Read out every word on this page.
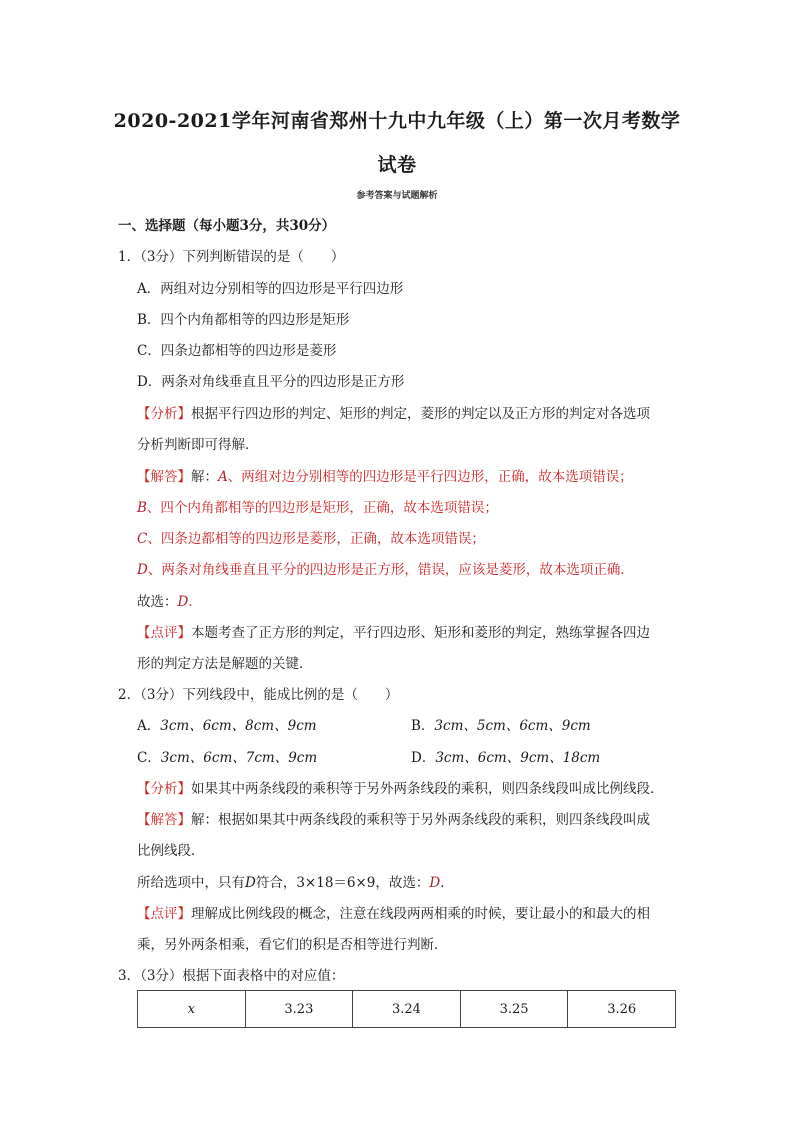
2020-2021学年河南省郑州十九中九年级（上）第一次月考数学
试卷
参考答案与试题解析
一、选择题（每小题3分，共30分）
1．（3分）下列判断错误的是（　　）
A．两组对边分别相等的四边形是平行四边形
B．四个内角都相等的四边形是矩形
C．四条边都相等的四边形是菱形
D．两条对角线垂直且平分的四边形是正方形
【分析】根据平行四边形的判定、矩形的判定，菱形的判定以及正方形的判定对各选项
分析判断即可得解．
【解答】解：A、两组对边分别相等的四边形是平行四边形，正确，故本选项错误；
B、四个内角都相等的四边形是矩形，正确，故本选项错误；
C、四条边都相等的四边形是菱形，正确，故本选项错误；
D、两条对角线垂直且平分的四边形是正方形，错误，应该是菱形，故本选项正确．
故选：D．
【点评】本题考查了正方形的判定，平行四边形、矩形和菱形的判定，熟练掌握各四边
形的判定方法是解题的关键．
2．（3分）下列线段中，能成比例的是（　　）
A．3cm、6cm、8cm、9cm	B．3cm、5cm、6cm、9cm
C．3cm、6cm、7cm、9cm	D．3cm、6cm、9cm、18cm
【分析】如果其中两条线段的乘积等于另外两条线段的乘积，则四条线段叫成比例线段．
【解答】解：根据如果其中两条线段的乘积等于另外两条线段的乘积，则四条线段叫成
比例线段．
所给选项中，只有D符合，3×18＝6×9，故选：D．
【点评】理解成比例线段的概念，注意在线段两两相乘的时候，要让最小的和最大的相
乘，另外两条相乘，看它们的积是否相等进行判断．
3．（3分）根据下面表格中的对应值：
x	3.23	3.24	3.25	3.26
